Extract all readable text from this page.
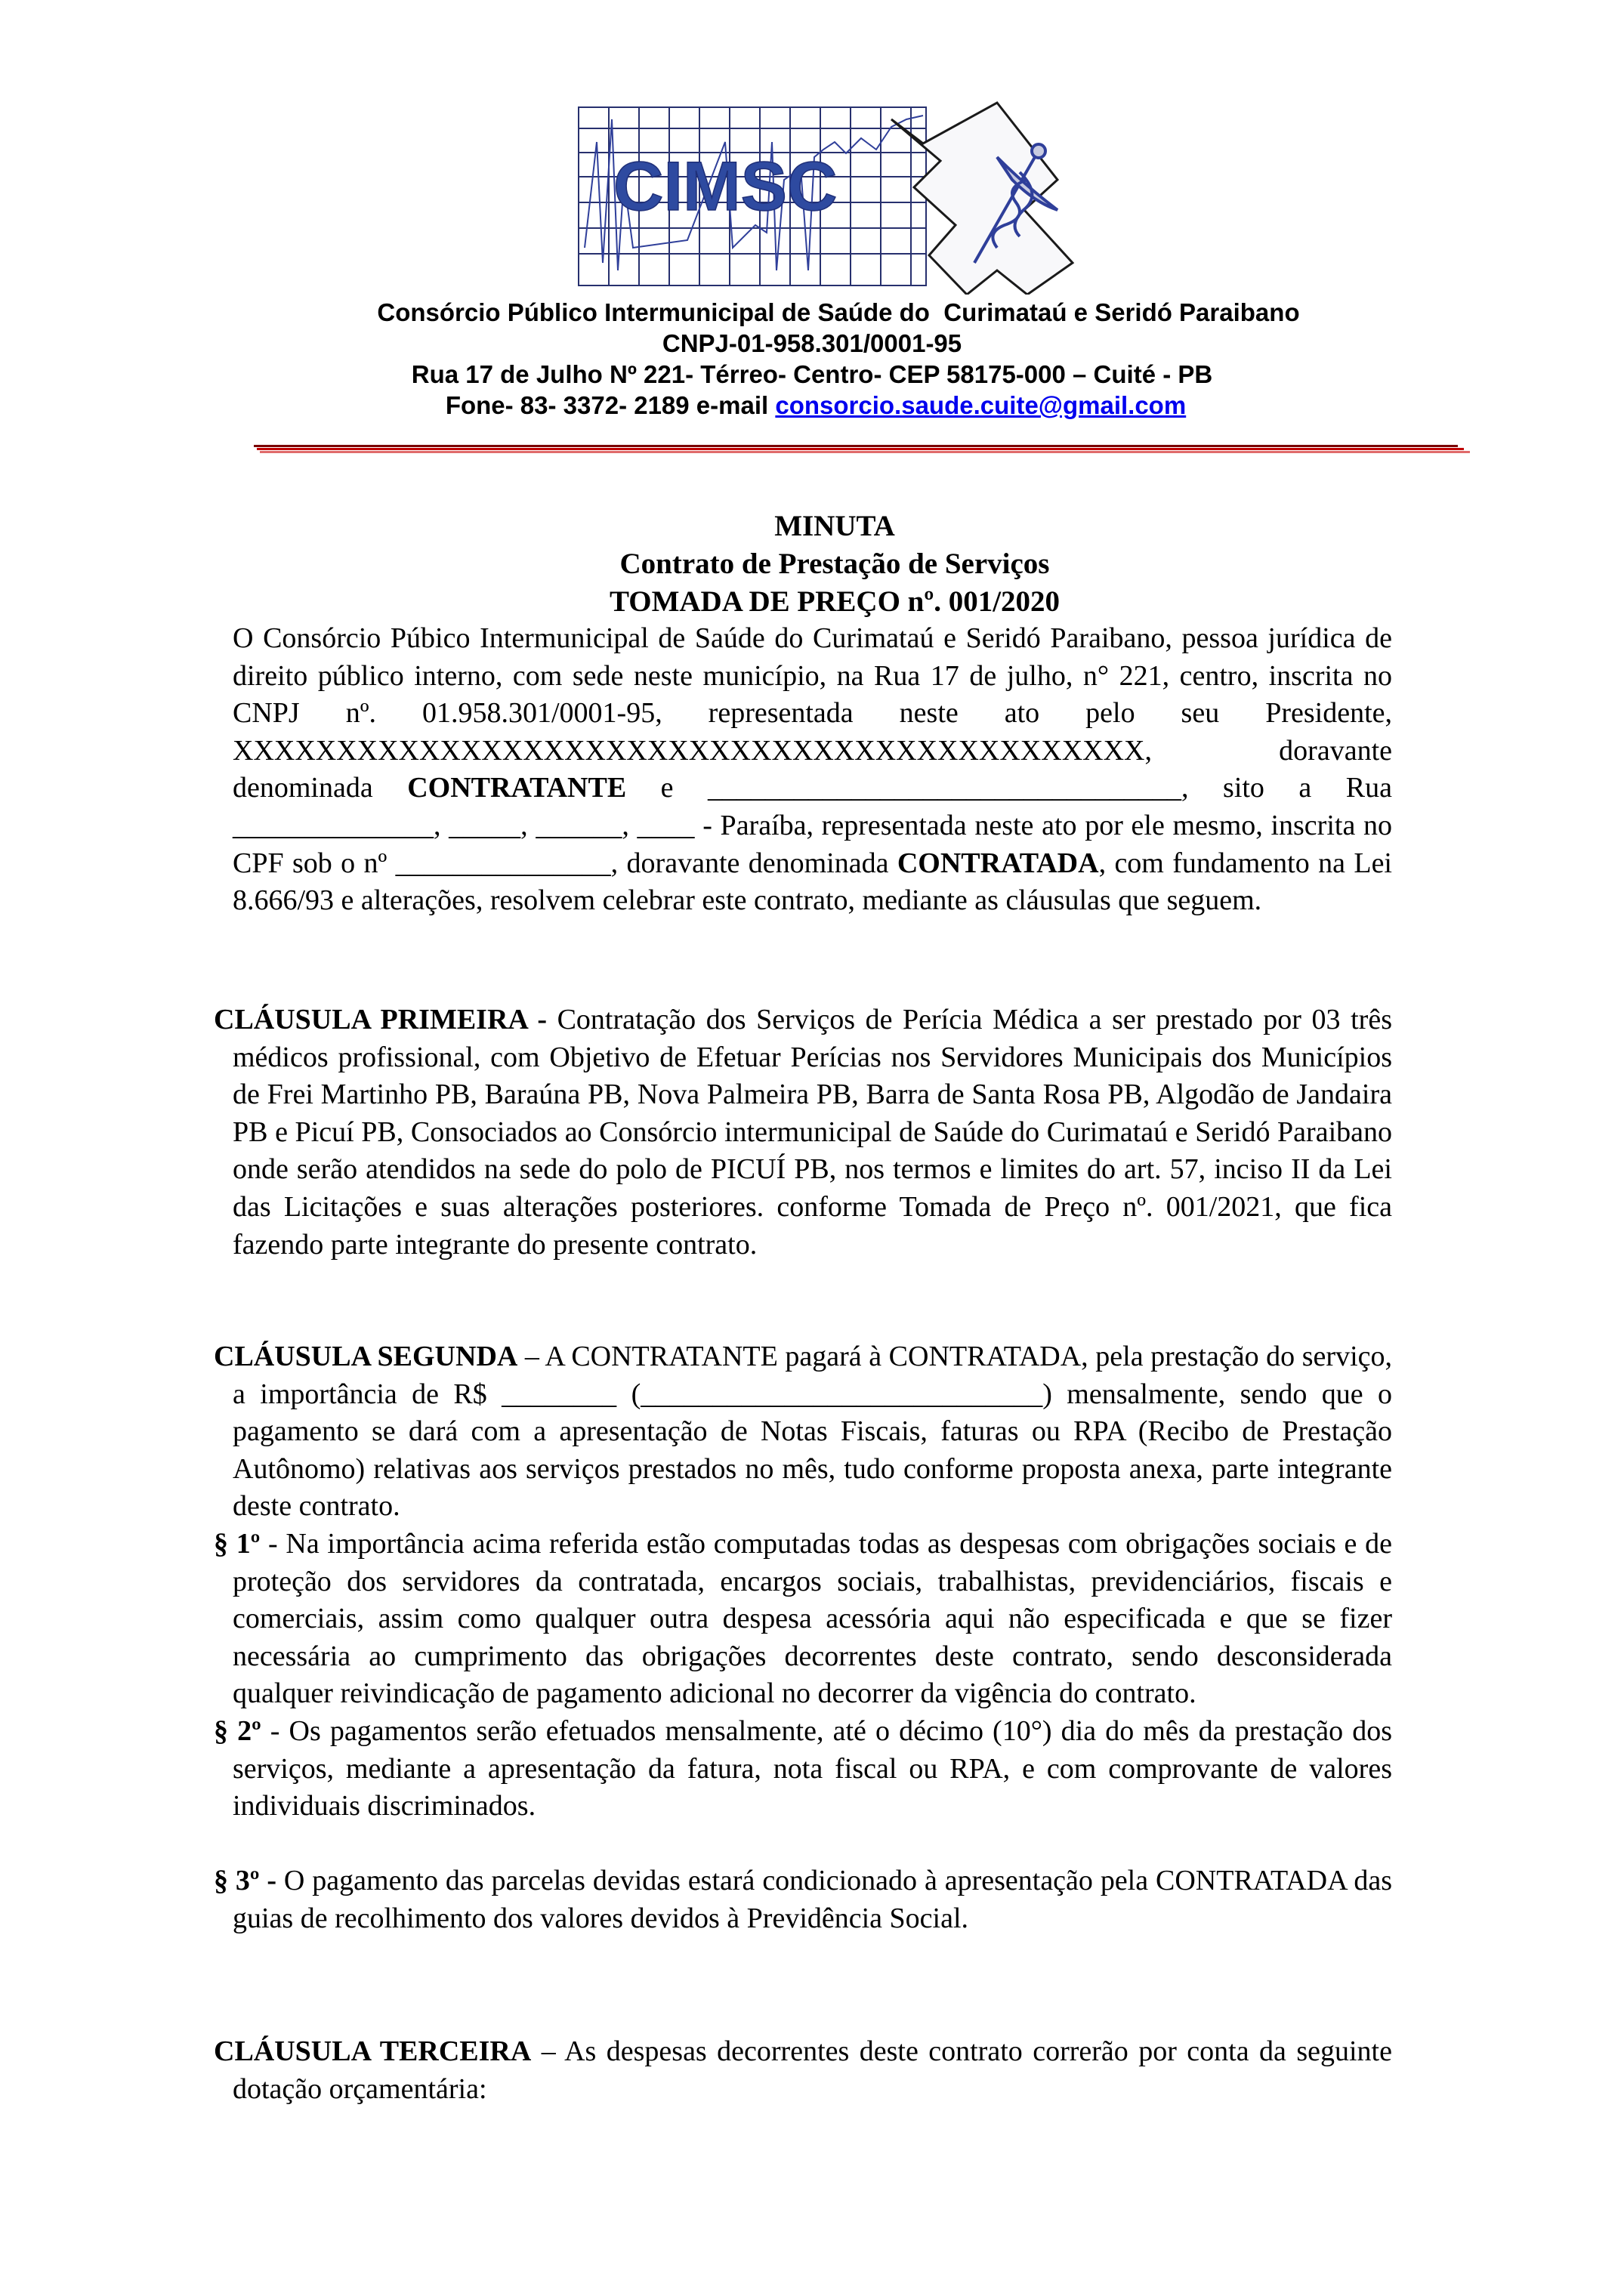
CIMSC
Consórcio Público Intermunicipal de Saúde do  Curimataú e Seridó Paraibano
CNPJ-01-958.301/0001-95
Rua 17 de Julho Nº 221- Térreo- Centro- CEP 58175-000 – Cuité - PB
Fone- 83- 3372- 2189 e-mail consorcio.saude.cuite@gmail.com
MINUTA
Contrato de Prestação de Serviços
TOMADA DE PREÇO nº. 001/2020

O Consórcio Púbico Intermunicipal de Saúde do Curimataú e Seridó Paraibano, pessoa jurídica de direito público interno, com sede neste município, na Rua 17 de julho, n° 221, centro, inscrita no CNPJ nº. 01.958.301/0001-95, representada neste ato pelo seu Presidente, XXXXXXXXXXXXXXXXXXXXXXXXXXXXXXXXXXXXXXXXXXXX, doravante denominada CONTRATANTE e _________________________________, sito a Rua ______________, _____, ______, ____ - Paraíba, representada neste ato por ele mesmo, inscrita no CPF sob o nº _______________, doravante denominada CONTRATADA, com fundamento na Lei 8.666/93 e alterações, resolvem celebrar este contrato, mediante as cláusulas que seguem.

CLÁUSULA PRIMEIRA - Contratação dos Serviços de Perícia Médica a ser prestado por 03 três médicos profissional, com Objetivo de Efetuar Perícias nos Servidores Municipais dos Municípios de Frei Martinho PB, Baraúna PB, Nova Palmeira PB, Barra de Santa Rosa PB, Algodão de Jandaira PB e Picuí PB, Consociados ao Consórcio intermunicipal de Saúde do Curimataú e Seridó Paraibano onde serão atendidos na sede do polo de PICUÍ PB, nos termos e limites do art. 57, inciso II da Lei das Licitações e suas alterações posteriores. conforme Tomada de Preço nº. 001/2021, que fica fazendo parte integrante do presente contrato.

CLÁUSULA SEGUNDA – A CONTRATANTE pagará à CONTRATADA, pela prestação do serviço, a importância de R$ ________ (____________________________) mensalmente, sendo que o pagamento se dará com a apresentação de Notas Fiscais, faturas ou RPA (Recibo de Prestação Autônomo) relativas aos serviços prestados no mês, tudo conforme proposta anexa, parte integrante deste contrato.

§ 1º - Na importância acima referida estão computadas todas as despesas com obrigações sociais e de proteção dos servidores da contratada, encargos sociais, trabalhistas, previdenciários, fiscais e comerciais, assim como qualquer outra despesa acessória aqui não especificada e que se fizer necessária ao cumprimento das obrigações decorrentes deste contrato, sendo desconsiderada qualquer reivindicação de pagamento adicional no decorrer da vigência do contrato.

§ 2º - Os pagamentos serão efetuados mensalmente, até o décimo (10°) dia do mês da prestação dos serviços, mediante a apresentação da fatura, nota fiscal ou RPA, e com comprovante de valores individuais discriminados.

§ 3º - O pagamento das parcelas devidas estará condicionado à apresentação pela CONTRATADA das guias de recolhimento dos valores devidos à Previdência Social.

CLÁUSULA TERCEIRA – As despesas decorrentes deste contrato correrão por conta da seguinte dotação orçamentária:
